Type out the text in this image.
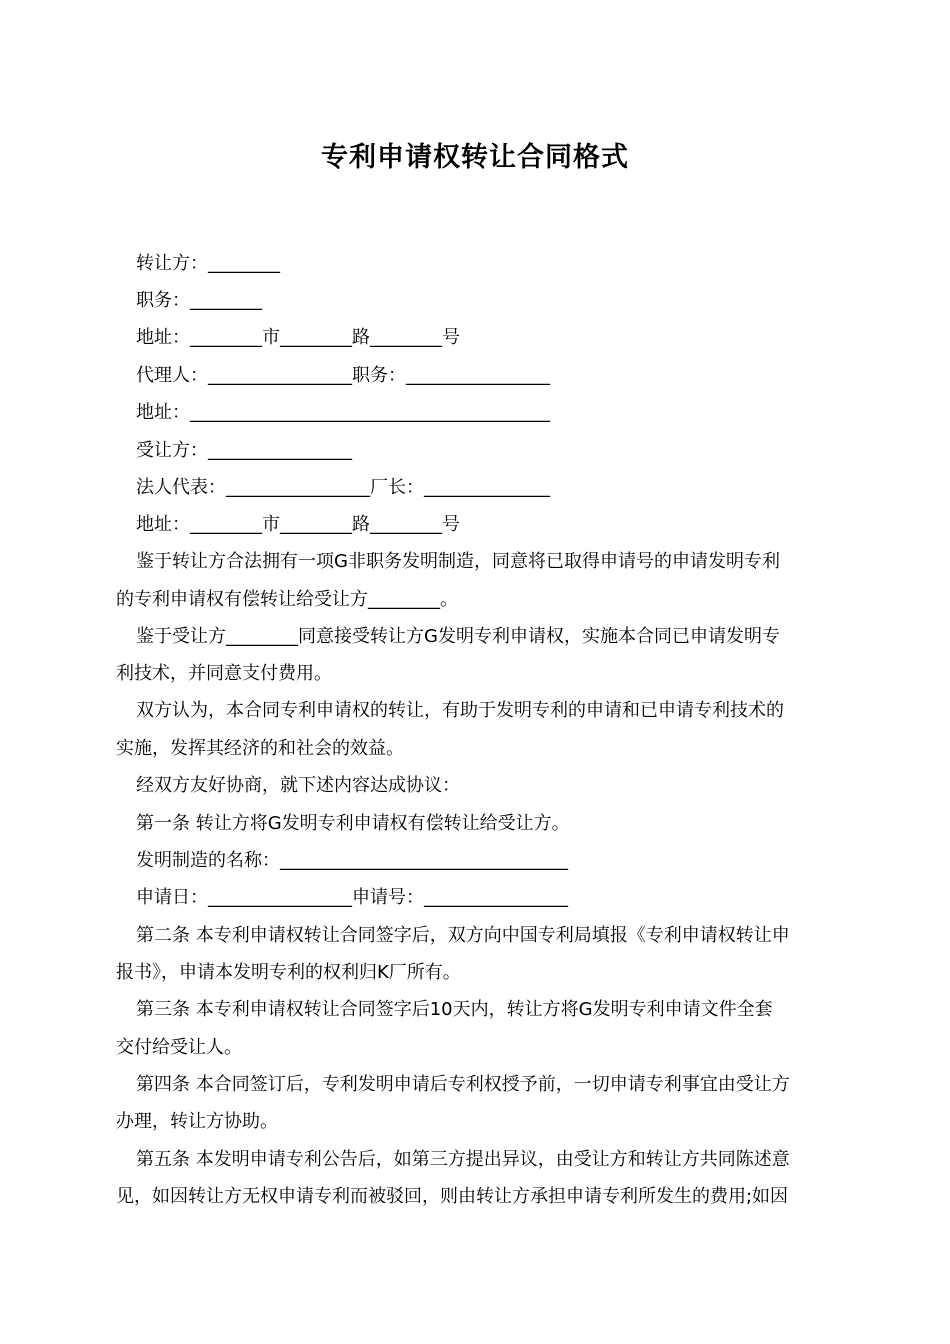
专利申请权转让合同格式
转让方：________
职务：________
地址：________市________路________号
代理人：________________职务：________________
地址：________________________________________
受让方：________________
法人代表：________________厂长：______________
地址：________市________路________号
鉴于转让方合法拥有一项G非职务发明制造，同意将已取得申请号的申请发明专利
的专利申请权有偿转让给受让方________。
鉴于受让方________同意接受转让方G发明专利申请权，实施本合同已申请发明专
利技术，并同意支付费用。
双方认为，本合同专利申请权的转让，有助于发明专利的申请和已申请专利技术的
实施，发挥其经济的和社会的效益。
经双方友好协商，就下述内容达成协议：
第一条 转让方将G发明专利申请权有偿转让给受让方。
发明制造的名称：________________________________
申请日：________________申请号：________________
第二条 本专利申请权转让合同签字后，双方向中国专利局填报《专利申请权转让申
报书》，申请本发明专利的权利归K厂所有。
第三条 本专利申请权转让合同签字后10天内，转让方将G发明专利申请文件全套
交付给受让人。
第四条 本合同签订后，专利发明申请后专利权授予前，一切申请专利事宜由受让方
办理，转让方协助。
第五条 本发明申请专利公告后，如第三方提出异议，由受让方和转让方共同陈述意
见，如因转让方无权申请专利而被驳回，则由转让方承担申请专利所发生的费用;如因
